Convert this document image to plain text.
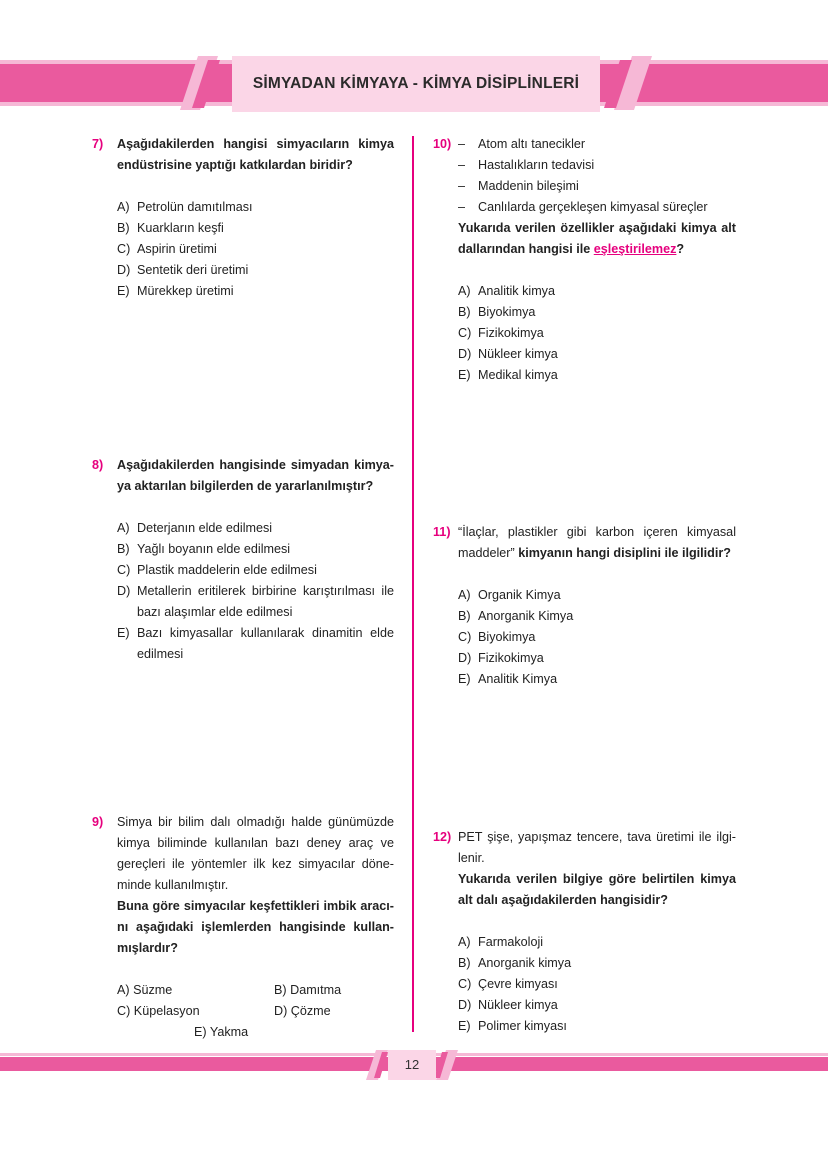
SİMYADAN KİMYAYA - KİMYA DİSİPLİNLERİ
7) Aşağıdakilerden hangisi simyacıların kimya endüstrisine yaptığı katkılardan biridir?

A) Petrolün damıtılması
B) Kuarkların keşfi
C) Aspirin üretimi
D) Sentetik deri üretimi
E) Mürekkep üretimi
8) Aşağıdakilerden hangisinde simyadan kimya-ya aktarılan bilgilerden de yararlanılmıştır?

A) Deterjanın elde edilmesi
B) Yağlı boyanın elde edilmesi
C) Plastik maddelerin elde edilmesi
D) Metallerin eritilerek birbirine karıştırılması ile bazı alaşımlar elde edilmesi
E) Bazı kimyasallar kullanılarak dinamitin elde edilmesi
9) Simya bir bilim dalı olmadığı halde günümüzde kimya biliminde kullanılan bazı deney araç ve gereçleri ile yöntemler ilk kez simyacılar döne-minde kullanılmıştır.

Buna göre simyacılar keşfettikleri imbik aracı-nı aşağıdaki işlemlerden hangisinde kullan-mışlardır?

A) Süzme	B) Damıtma
C) Küpelasyon	D) Çözme
E) Yakma
10) –	Atom altı tanecikler
–	Hastalıkların tedavisi
–	Maddenin bileşimi
–	Canlılarda gerçekleşen kimyasal süreçler

Yukarıda verilen özellikler aşağıdaki kimya alt dallarından hangisi ile eşleştirilemez?

A) Analitik kimya
B) Biyokimya
C) Fizikokimya
D) Nükleer kimya
E) Medikal kimya
11) “İlaçlar, plastikler gibi karbon içeren kimyasal maddeler” kimyanın hangi disiplini ile ilgilidir?

A) Organik Kimya
B) Anorganik Kimya
C) Biyokimya
D) Fizikokimya
E) Analitik Kimya
12) PET şişe, yapışmaz tencere, tava üretimi ile ilgi-lenir.

Yukarıda verilen bilgiye göre belirtilen kimya alt dalı aşağıdakilerden hangisidir?

A) Farmakoloji
B) Anorganik kimya
C) Çevre kimyası
D) Nükleer kimya
E) Polimer kimyası
12
